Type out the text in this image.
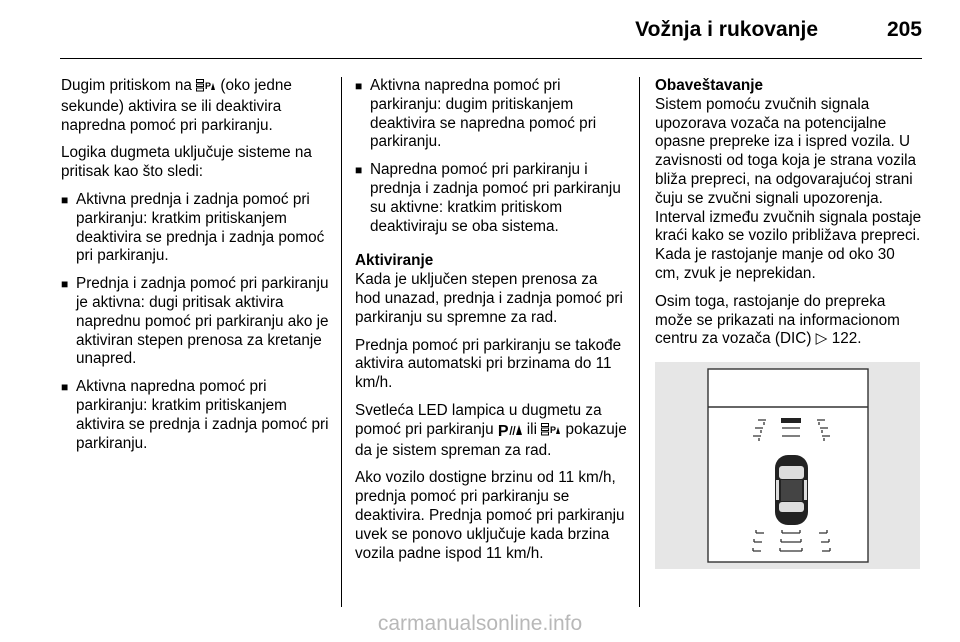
Vožnja i rukovanje	205

Dugim pritiskom na P (oko jedne sekunde) aktivira se ili deaktivira napredna pomoć pri parkiranju.

Logika dugmeta uključuje sisteme na pritisak kao što sledi:

■ Aktivna prednja i zadnja pomoć pri parkiranju: kratkim pritiskanjem deaktivira se prednja i zadnja pomoć pri parkiranju.
■ Prednja i zadnja pomoć pri parkiranju je aktivna: dugi pritisak aktivira naprednu pomoć pri parkiranju ako je aktiviran stepen prenosa za kretanje unapred.
■ Aktivna napredna pomoć pri parkiranju: kratkim pritiskanjem aktivira se prednja i zadnja pomoć pri parkiranju.
■ Aktivna napredna pomoć pri parkiranju: dugim pritiskanjem deaktivira se napredna pomoć pri parkiranju.
■ Napredna pomoć pri parkiranju i prednja i zadnja pomoć pri parkiranju su aktivne: kratkim pritiskom deaktiviraju se oba sistema.

Aktiviranje

Kada je uključen stepen prenosa za hod unazad, prednja i zadnja pomoć pri parkiranju su spremne za rad.

Prednja pomoć pri parkiranju se takođe aktivira automatski pri brzinama do 11 km/h.

Svetleća LED lampica u dugmetu za pomoć pri parkiranju P ili P pokazuje da je sistem spreman za rad.

Ako vozilo dostigne brzinu od 11 km/h, prednja pomoć pri parkiranju se deaktivira. Prednja pomoć pri parkiranju uvek se ponovo uključuje kada brzina vozila padne ispod 11 km/h.

Obaveštavanje

Sistem pomoću zvučnih signala upozorava vozača na potencijalne opasne prepreke iza i ispred vozila. U zavisnosti od toga koja je strana vozila bliža prepreci, na odgovarajućoj strani čuju se zvučni signali upozorenja. Interval između zvučnih signala postaje kraći kako se vozilo približava prepreci. Kada je rastojanje manje od oko 30 cm, zvuk je neprekidan.

Osim toga, rastojanje do prepreka može se prikazati na informacionom centru za vozača (DIC) ▷ 122.

carmanualsonline.info
